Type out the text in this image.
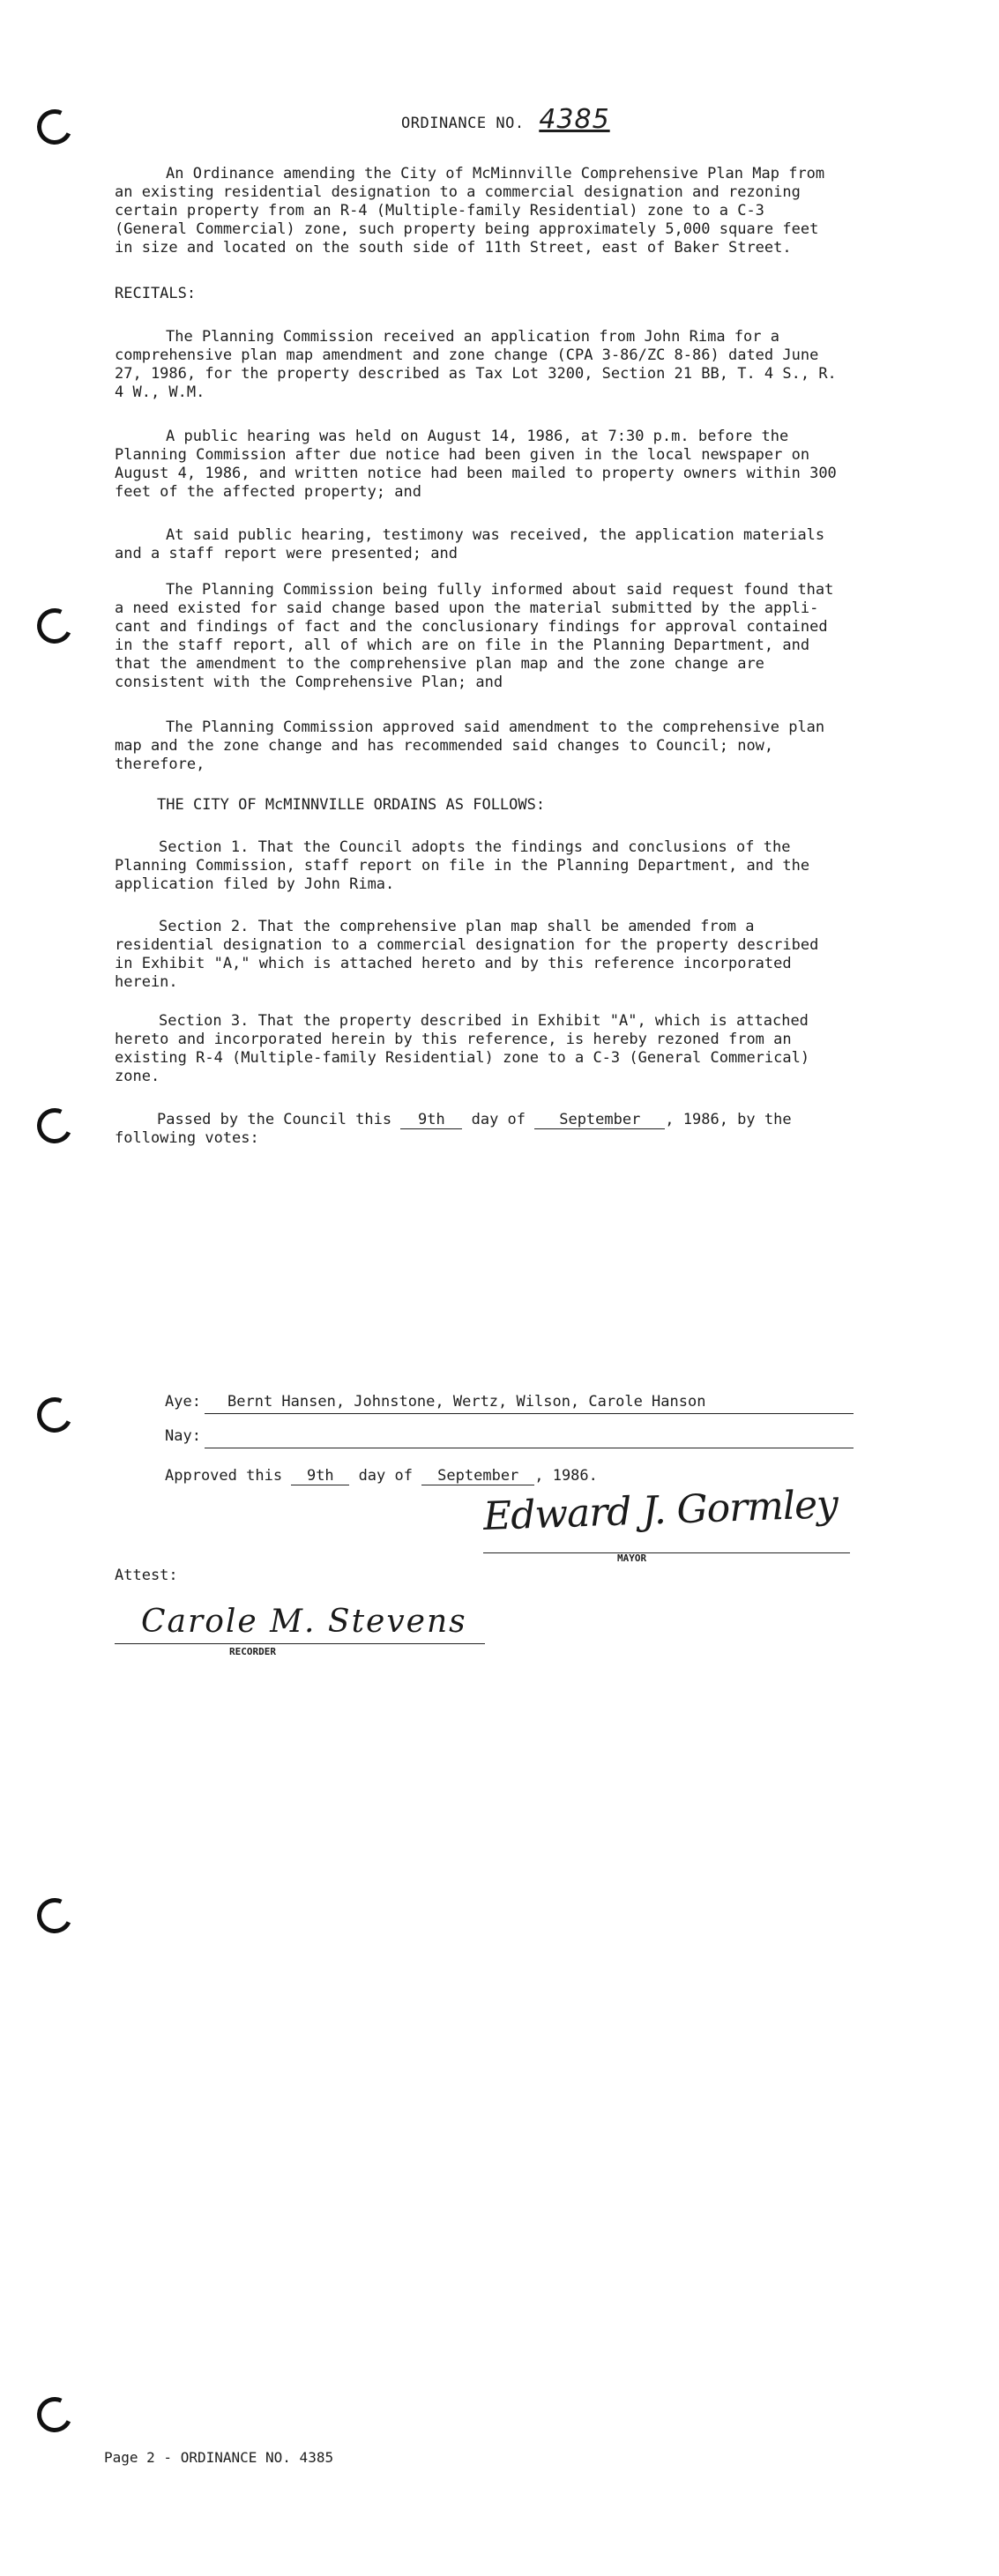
ORDINANCE NO. 4385

An Ordinance amending the City of McMinnville Comprehensive Plan Map from
an existing residential designation to a commercial designation and rezoning
certain property from an R-4 (Multiple-family Residential) zone to a C-3
(General Commercial) zone, such property being approximately 5,000 square feet
in size and located on the south side of 11th Street, east of Baker Street.

RECITALS:

The Planning Commission received an application from John Rima for a
comprehensive plan map amendment and zone change (CPA 3-86/ZC 8-86) dated June
27, 1986, for the property described as Tax Lot 3200, Section 21 BB, T. 4 S., R.
4 W., W.M.

A public hearing was held on August 14, 1986, at 7:30 p.m. before the
Planning Commission after due notice had been given in the local newspaper on
August 4, 1986, and written notice had been mailed to property owners within 300
feet of the affected property; and

At said public hearing, testimony was received, the application materials
and a staff report were presented; and

The Planning Commission being fully informed about said request found that
a need existed for said change based upon the material submitted by the appli-
cant and findings of fact and the conclusionary findings for approval contained
in the staff report, all of which are on file in the Planning Department, and
that the amendment to the comprehensive plan map and the zone change are
consistent with the Comprehensive Plan; and

The Planning Commission approved said amendment to the comprehensive plan
map and the zone change and has recommended said changes to Council; now,
therefore,

THE CITY OF McMINNVILLE ORDAINS AS FOLLOWS:

Section 1. That the Council adopts the findings and conclusions of the
Planning Commission, staff report on file in the Planning Department, and the
application filed by John Rima.

Section 2. That the comprehensive plan map shall be amended from a
residential designation to a commercial designation for the property described
in Exhibit "A," which is attached hereto and by this reference incorporated
herein.

Section 3. That the property described in Exhibit "A", which is attached
hereto and incorporated herein by this reference, is hereby rezoned from an
existing R-4 (Multiple-family Residential) zone to a C-3 (General Commerical)
zone.

Passed by the Council this 9th day of September , 1986, by the
following votes:
Aye: Bernt Hansen, Johnstone, Wertz, Wilson, Carole Hanson
Nay:
Approved this 9th day of September , 1986.
Edward J. Gormley
MAYOR
Attest:
Carole M. Stevens
RECORDER
Page 2 - ORDINANCE NO. 4385
